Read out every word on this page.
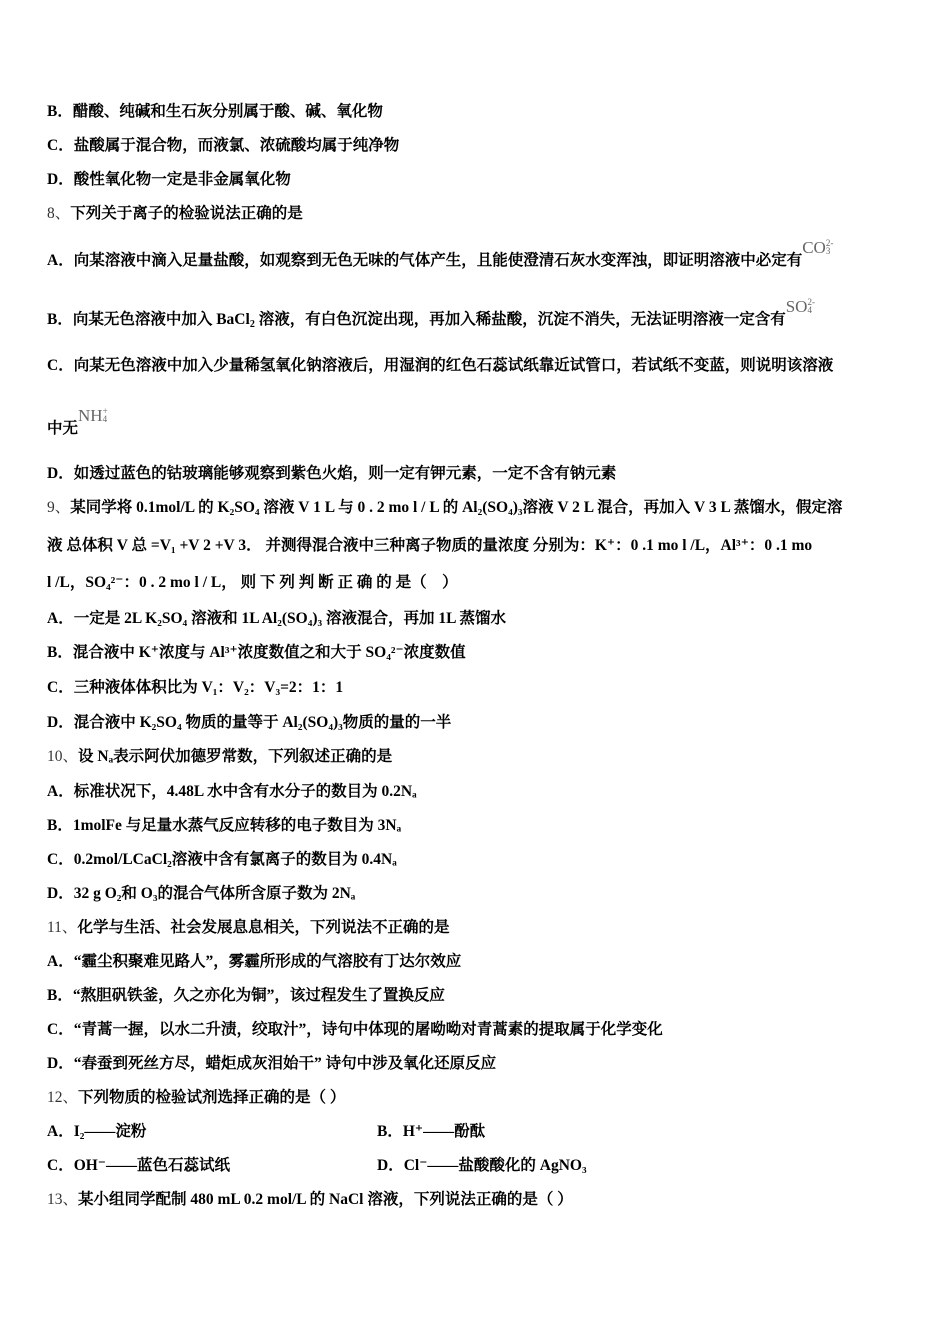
B．醋酸、纯碱和生石灰分别属于酸、碱、氧化物
C．盐酸属于混合物，而液氯、浓硫酸均属于纯净物
D．酸性氧化物一定是非金属氧化物
8、下列关于离子的检验说法正确的是
A．向某溶液中滴入足量盐酸，如观察到无色无味的气体产生，且能使澄清石灰水变浑浊，即证明溶液中必定有CO 2-
3
B．向某无色溶液中加入 BaCl$_2$ 溶液，有白色沉淀出现，再加入稀盐酸，沉淀不消失，无法证明溶液一定含有SO 2-
4
C．向某无色溶液中加入少量稀氢氧化钠溶液后，用湿润的红色石蕊试纸靠近试管口，若试纸不变蓝，则说明该溶液
中无NH +
4
D．如透过蓝色的钴玻璃能够观察到紫色火焰，则一定有钾元素，一定不含有钠元素
9、某同学将 0.1mol/L 的 K₂SO₄ 溶液 V 1 L 与 0 . 2 mo l / L 的 Al₂(SO₄)₃溶液 V 2 L 混合，再加入 V 3 L 蒸馏水，假定溶
液 总体积 V 总 =V₁ +V 2 +V 3． 并测得混合液中三种离子物质的量浓度 分别为：K⁺：0 .1 mo l /L，Al³⁺：0 .1 mo
l /L，SO₄²⁻：0 . 2 mo l / L， 则 下 列 判 断 正 确 的 是（　）
A．一定是 2L K₂SO₄ 溶液和 1L Al₂(SO₄)₃ 溶液混合，再加 1L 蒸馏水
B．混合液中 K⁺浓度与 Al³⁺浓度数值之和大于 SO₄²⁻浓度数值
C．三种液体体积比为 V₁：V₂：V₃=2：1：1
D．混合液中 K₂SO₄ 物质的量等于 Al₂(SO₄)₃物质的量的一半
10、设 Nₐ表示阿伏加德罗常数，下列叙述正确的是
A．标准状况下，4.48L 水中含有水分子的数目为 0.2Nₐ
B．1molFe 与足量水蒸气反应转移的电子数目为 3Nₐ
C．0.2mol/LCaCl₂溶液中含有氯离子的数目为 0.4Nₐ
D．32 g O₂和 O₃的混合气体所含原子数为 2Nₐ
11、化学与生活、社会发展息息相关，下列说法不正确的是
A．“霾尘积聚难见路人”，雾霾所形成的气溶胶有丁达尔效应
B．“熬胆矾铁釜，久之亦化为铜”，该过程发生了置换反应
C．“青蒿一握，以水二升渍，绞取汁”，诗句中体现的屠呦呦对青蒿素的提取属于化学变化
D．“春蚕到死丝方尽，蜡炬成灰泪始干” 诗句中涉及氧化还原反应
12、下列物质的检验试剂选择正确的是（ ）
A．I₂——淀粉	B．H⁺——酚酞
C．OH⁻——蓝色石蕊试纸	D．Cl⁻——盐酸酸化的 AgNO₃
13、某小组同学配制 480 mL 0.2 mol/L 的 NaCl 溶液，下列说法正确的是（ ）
